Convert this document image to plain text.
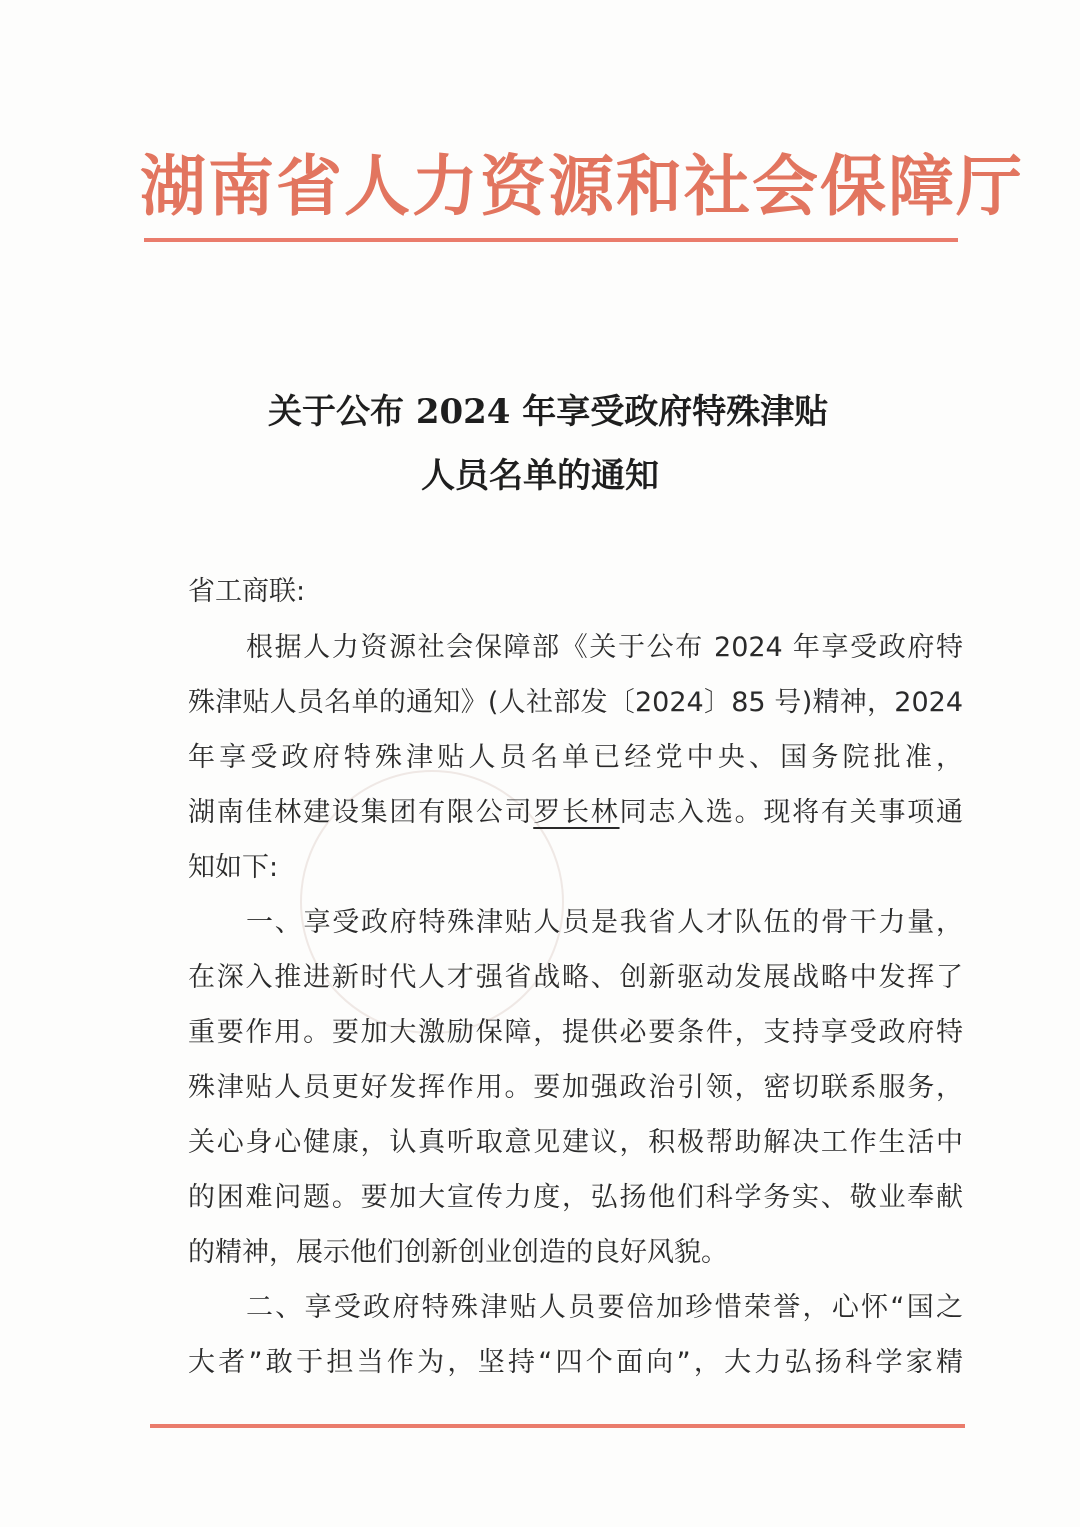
湖南省人力资源和社会保障厅
关于公布 2024 年享受政府特殊津贴
人员名单的通知
省工商联:
根据人力资源社会保障部《关于公布 2024 年享受政府特
殊津贴人员名单的通知》(人社部发〔2024〕85 号)精神，2024
年享受政府特殊津贴人员名单已经党中央、国务院批准，
湖南佳林建设集团有限公司罗长林同志入选。现将有关事项通
知如下:
一、享受政府特殊津贴人员是我省人才队伍的骨干力量，
在深入推进新时代人才强省战略、创新驱动发展战略中发挥了
重要作用。要加大激励保障，提供必要条件，支持享受政府特
殊津贴人员更好发挥作用。要加强政治引领，密切联系服务，
关心身心健康，认真听取意见建议，积极帮助解决工作生活中
的困难问题。要加大宣传力度，弘扬他们科学务实、敬业奉献
的精神，展示他们创新创业创造的良好风貌。
二、享受政府特殊津贴人员要倍加珍惜荣誉，心怀“国之
大者”敢于担当作为，坚持“四个面向”，大力弘扬科学家精
